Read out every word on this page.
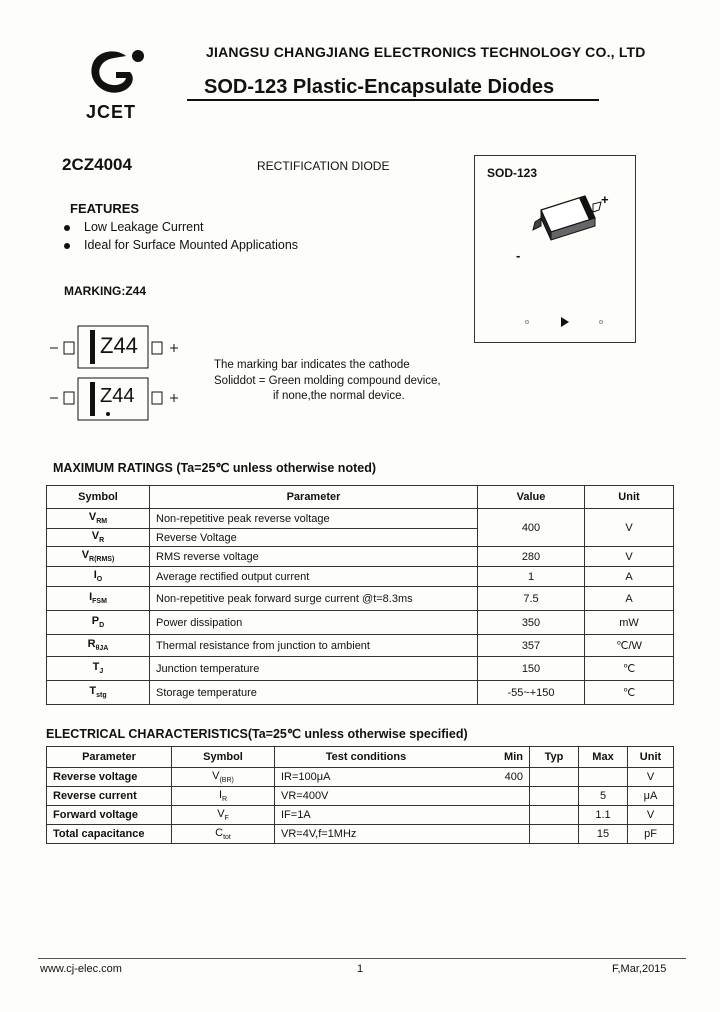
JCET
JIANGSU CHANGJIANG ELECTRONICS TECHNOLOGY CO., LTD
SOD-123 Plastic-Encapsulate Diodes
2CZ4004	RECTIFICATION DIODE
FEATURES
Low Leakage Current
Ideal for Surface Mounted Applications
MARKING:Z44
SOD-123
+
-
Z44
Z44
The marking bar indicates the cathode
Soliddot = Green molding compound device,
if none,the normal device.
MAXIMUM RATINGS (Ta=25℃ unless otherwise noted)
Symbol	Parameter	Value	Unit
$V_{RM}$	Non-repetitive peak reverse voltage	400	V
$V_R$	Reverse Voltage		
$V_{R(RMS)}$	RMS reverse voltage	280	V
$I_O$	Average rectified output current	1	A
$I_{FSM}$	Non-repetitive peak forward surge current @t=8.3ms	7.5	A
$P_D$	Power dissipation	350	mW
$R_{\theta JA}$	Thermal resistance from junction to ambient	357	℃/W
$T_J$	Junction temperature	150	℃
$T_{stg}$	Storage temperature	-55~+150	℃
ELECTRICAL CHARACTERISTICS(Ta=25℃ unless otherwise specified)
Parameter	Symbol	Test conditions	Min	Typ	Max	Unit
Reverse voltage	$V_{(BR)}$	IR=100μA	400			V
Reverse current	$I_R$	VR=400V			5	μA
Forward voltage	$V_F$	IF=1A			1.1	V
Total capacitance	$C_{tot}$	VR=4V,f=1MHz			15	pF
www.cj-elec.com	1	F,Mar,2015
